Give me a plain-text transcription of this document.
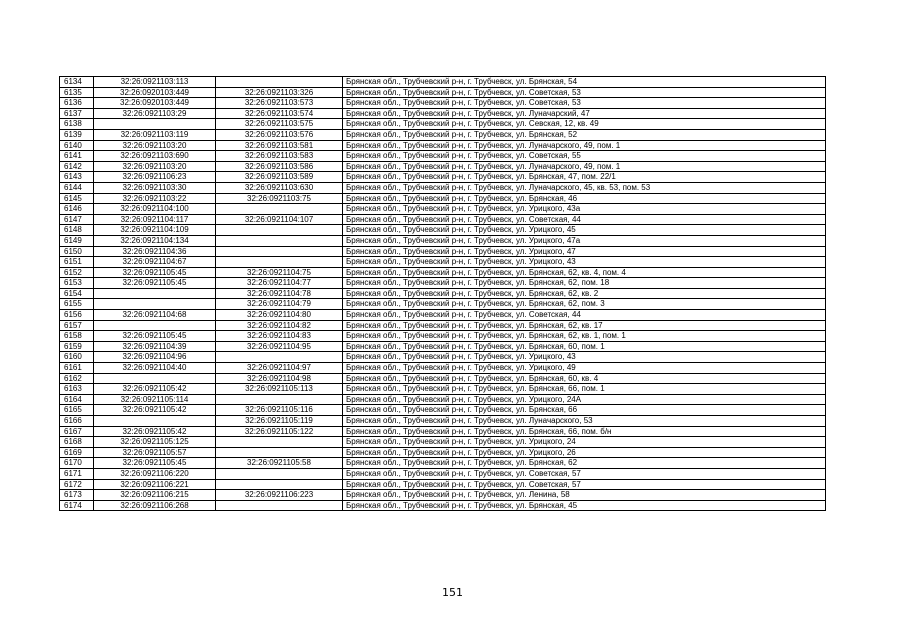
6134	32:26:0921103:113		Брянская обл., Трубчевский р-н, г. Трубчевск, ул. Брянская, 54
6135	32:26:0920103:449	32:26:0921103:326	Брянская обл., Трубчевский р-н, г. Трубчевск, ул. Советская, 53
6136	32:26:0920103:449	32:26:0921103:573	Брянская обл., Трубчевский р-н, г. Трубчевск, ул. Советская, 53
6137	32:26:0921103:29	32:26:0921103:574	Брянская обл., Трубчевский р-н, г. Трубчевск, ул. Луначарский, 47
6138		32:26:0921103:575	Брянская обл., Трубчевский р-н, г. Трубчевск, ул. Севская, 12, кв. 49
6139	32:26:0921103:119	32:26:0921103:576	Брянская обл., Трубчевский р-н, г. Трубчевск, ул. Брянская, 52
6140	32:26:0921103:20	32:26:0921103:581	Брянская обл., Трубчевский р-н, г. Трубчевск, ул. Луначарского, 49, пом. 1
6141	32:26:0921103:690	32:26:0921103:583	Брянская обл., Трубчевский р-н, г. Трубчевск, ул. Советская, 55
6142	32:26:0921103:20	32:26:0921103:586	Брянская обл., Трубчевский р-н, г. Трубчевск, ул. Луначарского, 49, пом. 1
6143	32:26:0921106:23	32:26:0921103:589	Брянская обл., Трубчевский р-н, г. Трубчевск, ул. Брянская, 47, пом. 22/1
6144	32:26:0921103:30	32:26:0921103:630	Брянская обл., Трубчевский р-н, г. Трубчевск, ул. Луначарского, 45, кв. 53, пом. 53
6145	32:26:0921103:22	32:26:0921103:75	Брянская обл., Трубчевский р-н, г. Трубчевск, ул. Брянская, 46
6146	32:26:0921104:100		Брянская обл., Трубчевский р-н, г. Трубчевск, ул. Урицкого, 43а
6147	32:26:0921104:117	32:26:0921104:107	Брянская обл., Трубчевский р-н, г. Трубчевск, ул. Советская, 44
6148	32:26:0921104:109		Брянская обл., Трубчевский р-н, г. Трубчевск, ул. Урицкого, 45
6149	32:26:0921104:134		Брянская обл., Трубчевский р-н, г. Трубчевск, ул. Урицкого, 47а
6150	32:26:0921104:36		Брянская обл., Трубчевский р-н, г. Трубчевск, ул. Урицкого, 47
6151	32:26:0921104:67		Брянская обл., Трубчевский р-н, г. Трубчевск, ул. Урицкого, 43
6152	32:26:0921105:45	32:26:0921104:75	Брянская обл., Трубчевский р-н, г. Трубчевск, ул. Брянская, 62, кв. 4, пом. 4
6153	32:26:0921105:45	32:26:0921104:77	Брянская обл., Трубчевский р-н, г. Трубчевск, ул. Брянская, 62, пом. 18
6154		32:26:0921104:78	Брянская обл., Трубчевский р-н, г. Трубчевск, ул. Брянская, 62, кв. 2
6155		32:26:0921104:79	Брянская обл., Трубчевский р-н, г. Трубчевск, ул. Брянская, 62, пом. 3
6156	32:26:0921104:68	32:26:0921104:80	Брянская обл., Трубчевский р-н, г. Трубчевск, ул. Советская, 44
6157		32:26:0921104:82	Брянская обл., Трубчевский р-н, г. Трубчевск, ул. Брянская, 62, кв. 17
6158	32:26:0921105:45	32:26:0921104:83	Брянская обл., Трубчевский р-н, г. Трубчевск, ул. Брянская, 62, кв. 1, пом. 1
6159	32:26:0921104:39	32:26:0921104:95	Брянская обл., Трубчевский р-н, г. Трубчевск, ул. Брянская, 60, пом. 1
6160	32:26:0921104:96		Брянская обл., Трубчевский р-н, г. Трубчевск, ул. Урицкого, 43
6161	32:26:0921104:40	32:26:0921104:97	Брянская обл., Трубчевский р-н, г. Трубчевск, ул. Урицкого, 49
6162		32:26:0921104:98	Брянская обл., Трубчевский р-н, г. Трубчевск, ул. Брянская, 60, кв. 4
6163	32:26:0921105:42	32:26:0921105:113	Брянская обл., Трубчевский р-н, г. Трубчевск, ул. Брянская, 66, пом. 1
6164	32:26:0921105:114		Брянская обл., Трубчевский р-н, г. Трубчевск, ул. Урицкого, 24А
6165	32:26:0921105:42	32:26:0921105:116	Брянская обл., Трубчевский р-н, г. Трубчевск, ул. Брянская, 66
6166		32:26:0921105:119	Брянская обл., Трубчевский р-н, г. Трубчевск, ул. Луначарского, 53
6167	32:26:0921105:42	32:26:0921105:122	Брянская обл., Трубчевский р-н, г. Трубчевск, ул. Брянская, 66, пом. б/н
6168	32:26:0921105:125		Брянская обл., Трубчевский р-н, г. Трубчевск, ул. Урицкого, 24
6169	32:26:0921105:57		Брянская обл., Трубчевский р-н, г. Трубчевск, ул. Урицкого, 26
6170	32:26:0921105:45	32:26:0921105:58	Брянская обл., Трубчевский р-н, г. Трубчевск, ул. Брянская, 62
6171	32:26:0921106:220		Брянская обл., Трубчевский р-н, г. Трубчевск, ул. Советская, 57
6172	32:26:0921106:221		Брянская обл., Трубчевский р-н, г. Трубчевск, ул. Советская, 57
6173	32:26:0921106:215	32:26:0921106:223	Брянская обл., Трубчевский р-н, г. Трубчевск, ул. Ленина, 58
6174	32:26:0921106:268		Брянская обл., Трубчевский р-н, г. Трубчевск, ул. Брянская, 45
151
